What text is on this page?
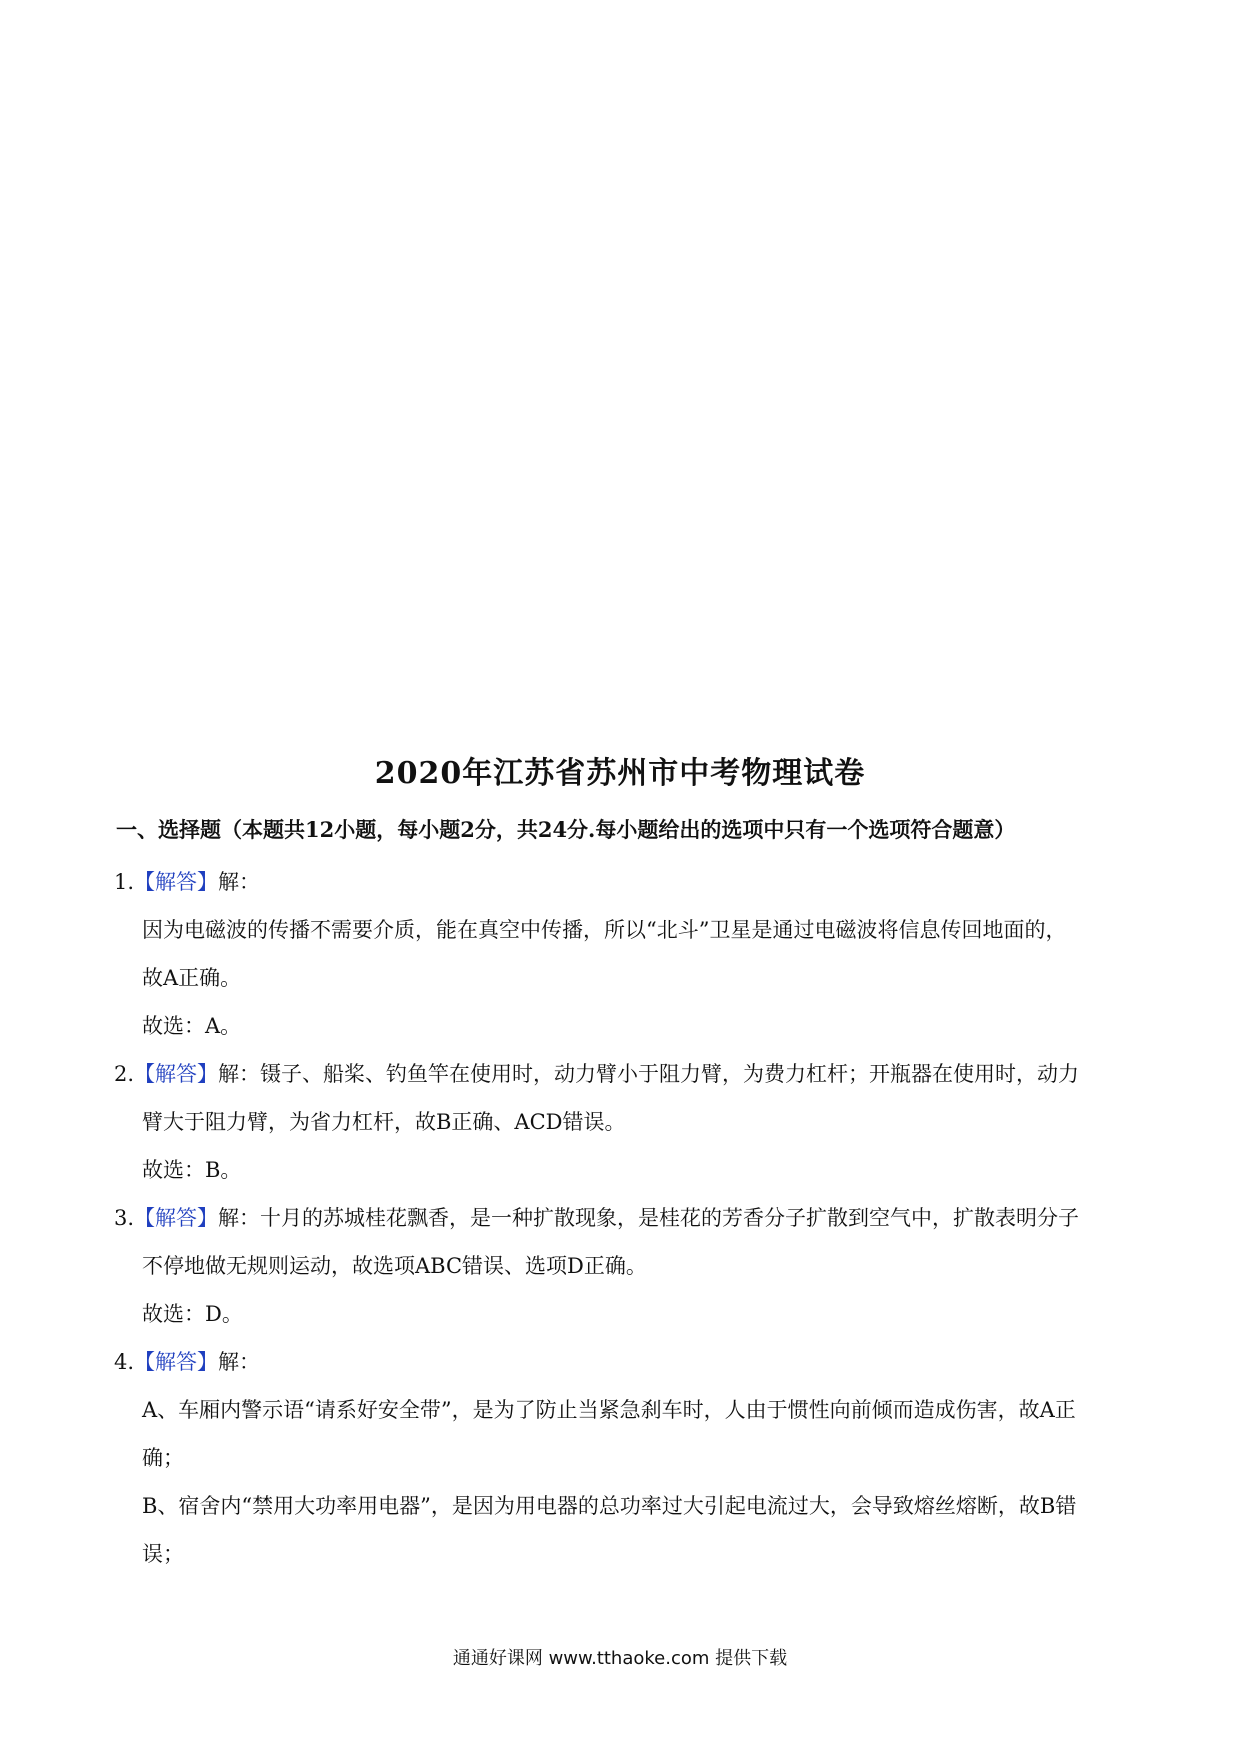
2020年江苏省苏州市中考物理试卷
一、选择题（本题共12小题，每小题2分，共24分.每小题给出的选项中只有一个选项符合题意）
1.【解答】解：
因为电磁波的传播不需要介质，能在真空中传播，所以“北斗”卫星是通过电磁波将信息传回地面的，
故A正确。
故选：A。
2.【解答】解：镊子、船桨、钓鱼竿在使用时，动力臂小于阻力臂，为费力杠杆；开瓶器在使用时，动力
臂大于阻力臂，为省力杠杆，故B正确、ACD错误。
故选：B。
3.【解答】解：十月的苏城桂花飘香，是一种扩散现象，是桂花的芳香分子扩散到空气中，扩散表明分子
不停地做无规则运动，故选项ABC错误、选项D正确。
故选：D。
4.【解答】解：
A、车厢内警示语“请系好安全带”，是为了防止当紧急刹车时，人由于惯性向前倾而造成伤害，故A正
确；
B、宿舍内“禁用大功率用电器”，是因为用电器的总功率过大引起电流过大，会导致熔丝熔断，故B错
误；
通通好课网 www.tthaoke.com 提供下载
